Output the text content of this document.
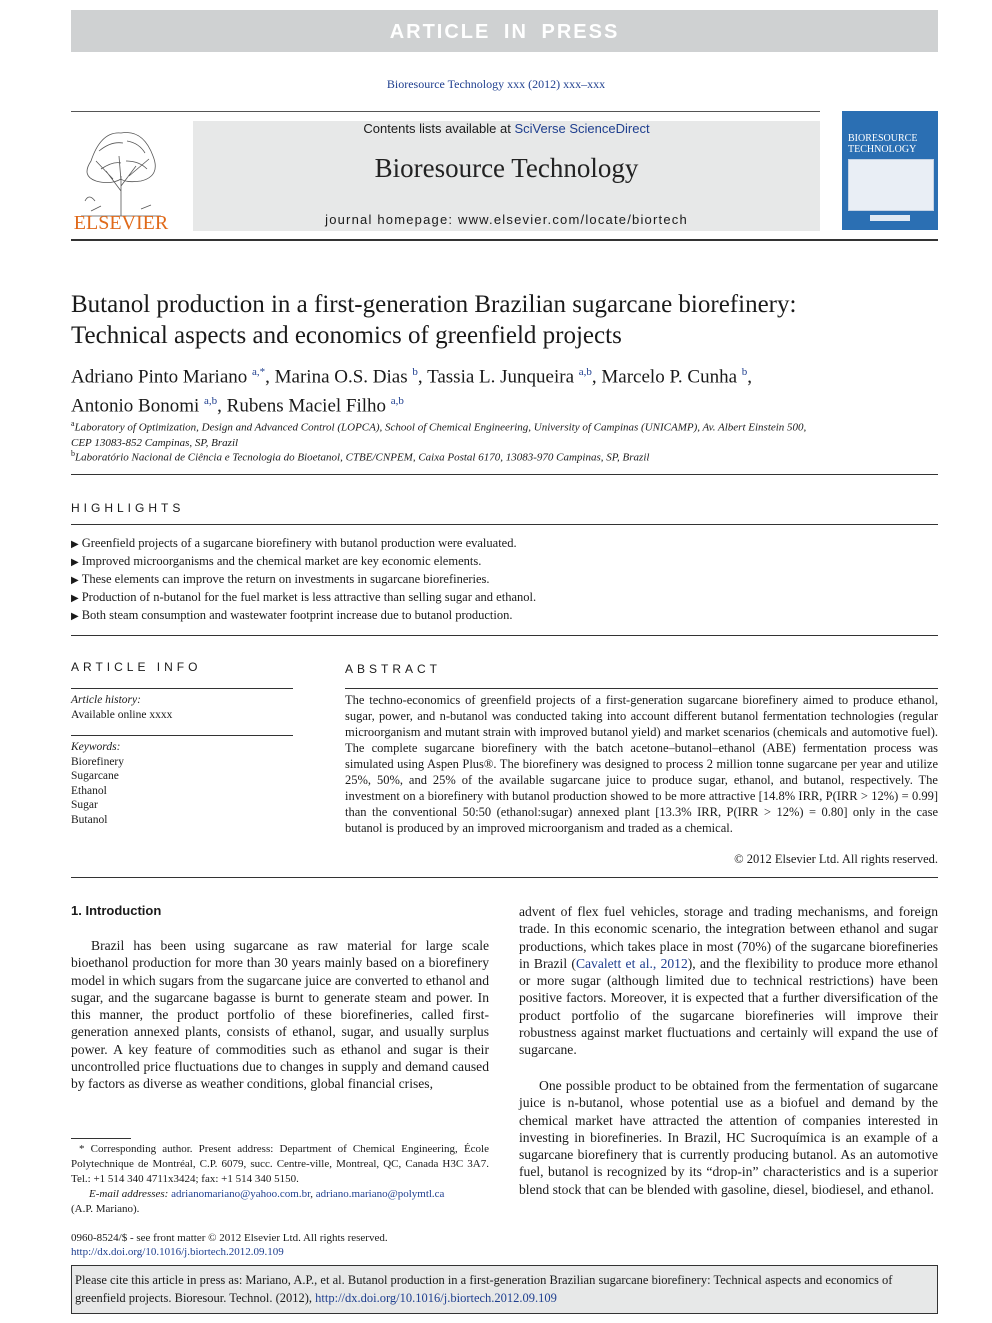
ARTICLE IN PRESS
Bioresource Technology xxx (2012) xxx–xxx
ELSEVIER
Contents lists available at SciVerse ScienceDirect
Bioresource Technology
journal homepage: www.elsevier.com/locate/biortech
BIORESOURCE
TECHNOLOGY
Butanol production in a first-generation Brazilian sugarcane biorefinery:
Technical aspects and economics of greenfield projects
Adriano Pinto Mariano $^{a,*}$, Marina O.S. Dias $^b$, Tassia L. Junqueira $^{a,b}$, Marcelo P. Cunha $^b$,
Antonio Bonomi $^{a,b}$, Rubens Maciel Filho $^{a,b}$
$^a$Laboratory of Optimization, Design and Advanced Control (LOPCA), School of Chemical Engineering, University of Campinas (UNICAMP), Av. Albert Einstein 500,
CEP 13083-852 Campinas, SP, Brazil
$^b$Laboratório Nacional de Ciência e Tecnologia do Bioetanol, CTBE/CNPEM, Caixa Postal 6170, 13083-970 Campinas, SP, Brazil
HIGHLIGHTS
▶ Greenfield projects of a sugarcane biorefinery with butanol production were evaluated.
▶ Improved microorganisms and the chemical market are key economic elements.
▶ These elements can improve the return on investments in sugarcane biorefineries.
▶ Production of n-butanol for the fuel market is less attractive than selling sugar and ethanol.
▶ Both steam consumption and wastewater footprint increase due to butanol production.
ARTICLE INFO
Article history:
Available online xxxx
Keywords:
Biorefinery
Sugarcane
Ethanol
Sugar
Butanol
ABSTRACT
The techno-economics of greenfield projects of a first-generation sugarcane biorefinery aimed to produce ethanol, sugar, power, and n-butanol was conducted taking into account different butanol fermentation technologies (regular microorganism and mutant strain with improved butanol yield) and market scenarios (chemicals and automotive fuel). The complete sugarcane biorefinery with the batch acetone–butanol–ethanol (ABE) fermentation process was simulated using Aspen Plus®. The biorefinery was designed to process 2 million tonne sugarcane per year and utilize 25%, 50%, and 25% of the available sugarcane juice to produce sugar, ethanol, and butanol, respectively. The investment on a biorefinery with butanol production showed to be more attractive [14.8% IRR, P(IRR > 12%) = 0.99] than the conventional 50:50 (ethanol:sugar) annexed plant [13.3% IRR, P(IRR > 12%) = 0.80] only in the case butanol is produced by an improved microorganism and traded as a chemical.
© 2012 Elsevier Ltd. All rights reserved.
1. Introduction
Brazil has been using sugarcane as raw material for large scale bioethanol production for more than 30 years mainly based on a biorefinery model in which sugars from the sugarcane juice are converted to ethanol and sugar, and the sugarcane bagasse is burnt to generate steam and power. In this manner, the product portfolio of these biorefineries, called first-generation annexed plants, consists of ethanol, sugar, and usually surplus power. A key feature of commodities such as ethanol and sugar is their uncontrolled price fluctuations due to changes in supply and demand caused by factors as diverse as weather conditions, global financial crises,
advent of flex fuel vehicles, storage and trading mechanisms, and foreign trade. In this economic scenario, the integration between ethanol and sugar productions, which takes place in most (70%) of the sugarcane biorefineries in Brazil (Cavalett et al., 2012), and the flexibility to produce more ethanol or more sugar (although limited due to technical restrictions) have been positive factors. Moreover, it is expected that a further diversification of the product portfolio of the sugarcane biorefineries will improve their robustness against market fluctuations and certainly will expand the use of sugarcane.
One possible product to be obtained from the fermentation of sugarcane juice is n-butanol, whose potential use as a biofuel and demand by the chemical market have attracted the attention of companies interested in investing in biorefineries. In Brazil, HC Sucroquímica is an example of a sugarcane biorefinery that is currently producing butanol. As an automotive fuel, butanol is recognized by its “drop-in” characteristics and is a superior blend stock that can be blended with gasoline, diesel, biodiesel, and ethanol.
* Corresponding author. Present address: Department of Chemical Engineering, École Polytechnique de Montréal, C.P. 6079, succ. Centre-ville, Montreal, QC, Canada H3C 3A7. Tel.: +1 514 340 4711x3424; fax: +1 514 340 5150.
E-mail addresses: adrianomariano@yahoo.com.br, adriano.mariano@polymtl.ca
(A.P. Mariano).
0960-8524/$ - see front matter © 2012 Elsevier Ltd. All rights reserved.
http://dx.doi.org/10.1016/j.biortech.2012.09.109
Please cite this article in press as: Mariano, A.P., et al. Butanol production in a first-generation Brazilian sugarcane biorefinery: Technical aspects and economics of greenfield projects. Bioresour. Technol. (2012), http://dx.doi.org/10.1016/j.biortech.2012.09.109
